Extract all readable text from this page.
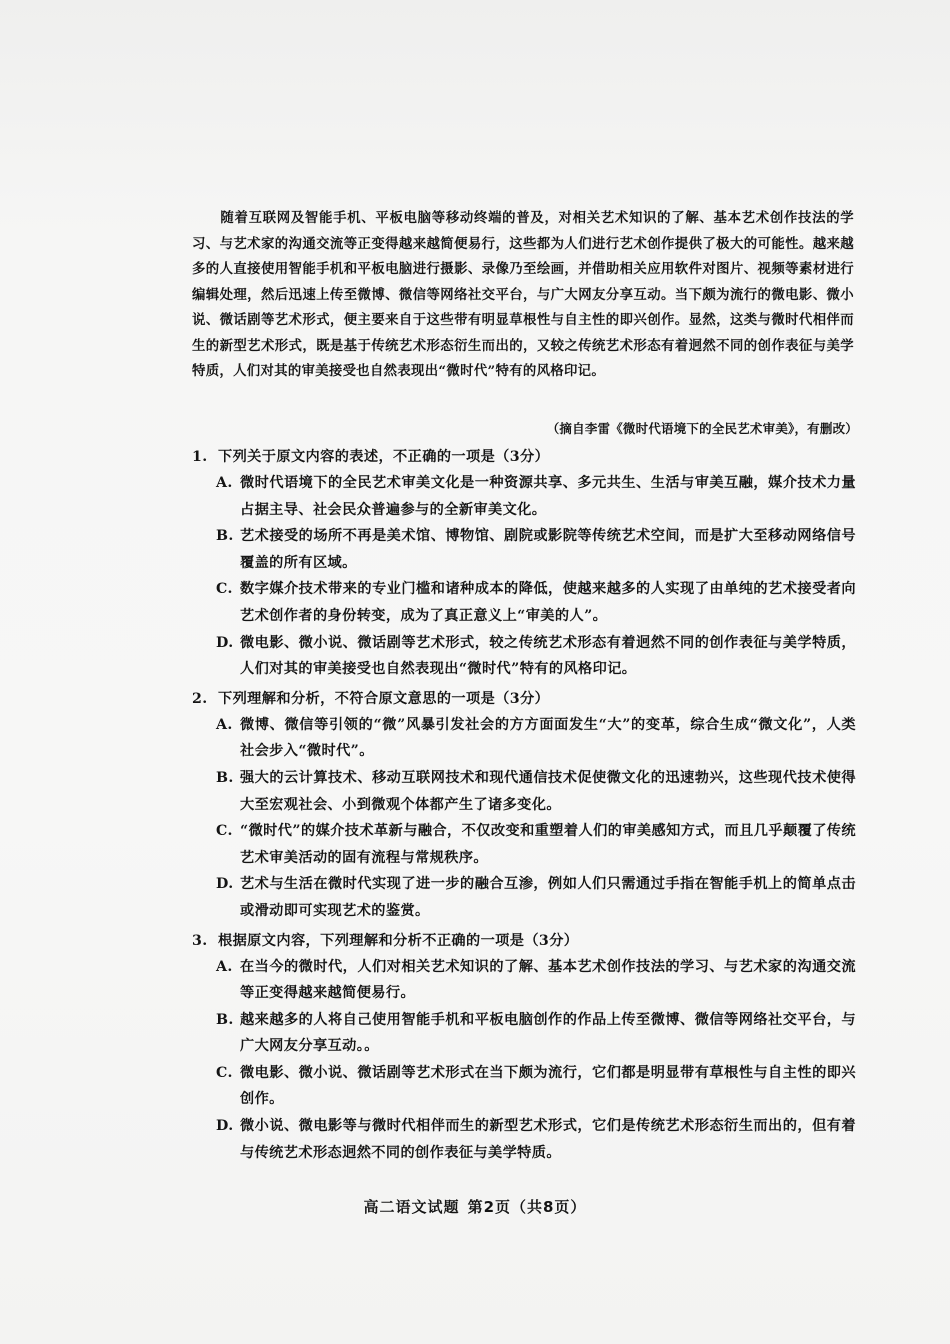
随着互联网及智能手机、平板电脑等移动终端的普及，对相关艺术知识的了解、基本艺术创作技法的学习、与艺术家的沟通交流等正变得越来越简便易行，这些都为人们进行艺术创作提供了极大的可能性。越来越多的人直接使用智能手机和平板电脑进行摄影、录像乃至绘画，并借助相关应用软件对图片、视频等素材进行编辑处理，然后迅速上传至微博、微信等网络社交平台，与广大网友分享互动。当下颇为流行的微电影、微小说、微话剧等艺术形式，便主要来自于这些带有明显草根性与自主性的即兴创作。显然，这类与微时代相伴而生的新型艺术形式，既是基于传统艺术形态衍生而出的，又较之传统艺术形态有着迥然不同的创作表征与美学特质，人们对其的审美接受也自然表现出“微时代”特有的风格印记。
（摘自李雷《微时代语境下的全民艺术审美》，有删改）
1. 下列关于原文内容的表述，不正确的一项是（3分）
A. 微时代语境下的全民艺术审美文化是一种资源共享、多元共生、生活与审美互融，媒介技术力量占据主导、社会民众普遍参与的全新审美文化。
B. 艺术接受的场所不再是美术馆、博物馆、剧院或影院等传统艺术空间，而是扩大至移动网络信号覆盖的所有区域。
C. 数字媒介技术带来的专业门槛和诸种成本的降低，使越来越多的人实现了由单纯的艺术接受者向艺术创作者的身份转变，成为了真正意义上“审美的人”。
D. 微电影、微小说、微话剧等艺术形式，较之传统艺术形态有着迥然不同的创作表征与美学特质，人们对其的审美接受也自然表现出“微时代”特有的风格印记。
2. 下列理解和分析，不符合原文意思的一项是（3分）
A. 微博、微信等引领的“微”风暴引发社会的方方面面发生“大”的变革，综合生成“微文化”，人类社会步入“微时代”。
B. 强大的云计算技术、移动互联网技术和现代通信技术促使微文化的迅速勃兴，这些现代技术使得大至宏观社会、小到微观个体都产生了诸多变化。
C. “微时代”的媒介技术革新与融合，不仅改变和重塑着人们的审美感知方式，而且几乎颠覆了传统艺术审美活动的固有流程与常规秩序。
D. 艺术与生活在微时代实现了进一步的融合互渗，例如人们只需通过手指在智能手机上的简单点击或滑动即可实现艺术的鉴赏。
3. 根据原文内容，下列理解和分析不正确的一项是（3分）
A. 在当今的微时代，人们对相关艺术知识的了解、基本艺术创作技法的学习、与艺术家的沟通交流等正变得越来越简便易行。
B. 越来越多的人将自己使用智能手机和平板电脑创作的作品上传至微博、微信等网络社交平台，与广大网友分享互动。。
C. 微电影、微小说、微话剧等艺术形式在当下颇为流行，它们都是明显带有草根性与自主性的即兴创作。
D. 微小说、微电影等与微时代相伴而生的新型艺术形式，它们是传统艺术形态衍生而出的，但有着与传统艺术形态迥然不同的创作表征与美学特质。
高二语文试题 第2页（共8页）
